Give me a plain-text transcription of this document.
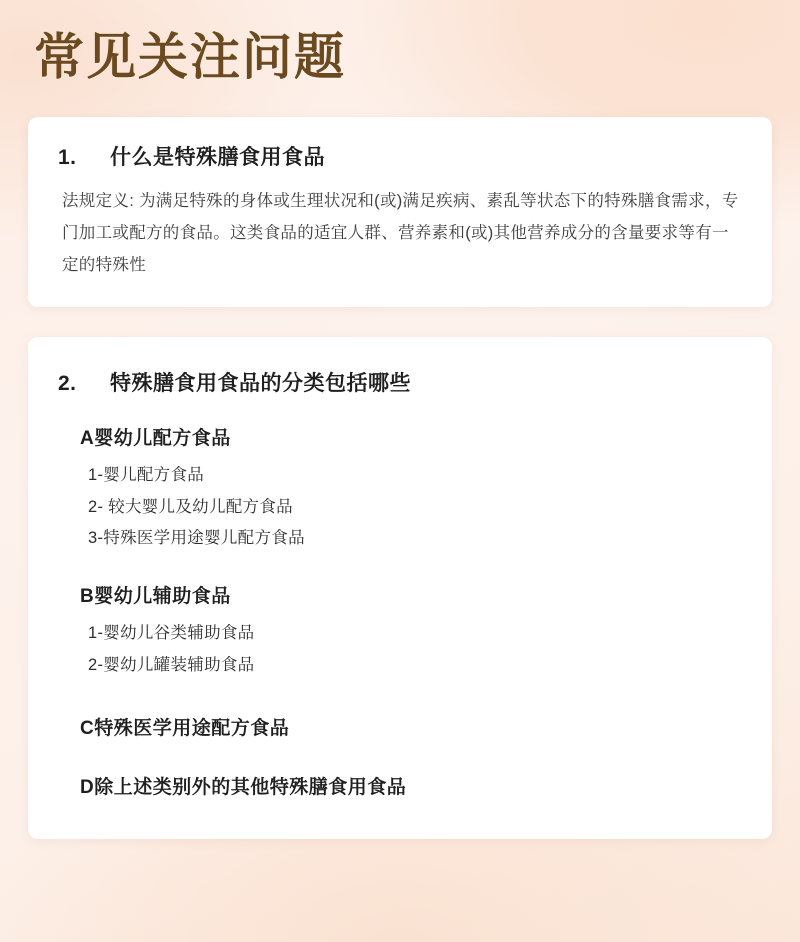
常见关注问题
1.	什么是特殊膳食用食品
法规定义: 为满足特殊的身体或生理状况和(或)满足疾病、素乱等状态下的特殊膳食需求，专门加工或配方的食品。这类食品的适宜人群、营养素和(或)其他营养成分的含量要求等有一定的特殊性
2.	特殊膳食用食品的分类包括哪些
A婴幼儿配方食品
1-婴儿配方食品
2- 较大婴儿及幼儿配方食品
3-特殊医学用途婴儿配方食品
B婴幼儿辅助食品
1-婴幼儿谷类辅助食品
2-婴幼儿罐装辅助食品
C特殊医学用途配方食品
D除上述类别外的其他特殊膳食用食品
